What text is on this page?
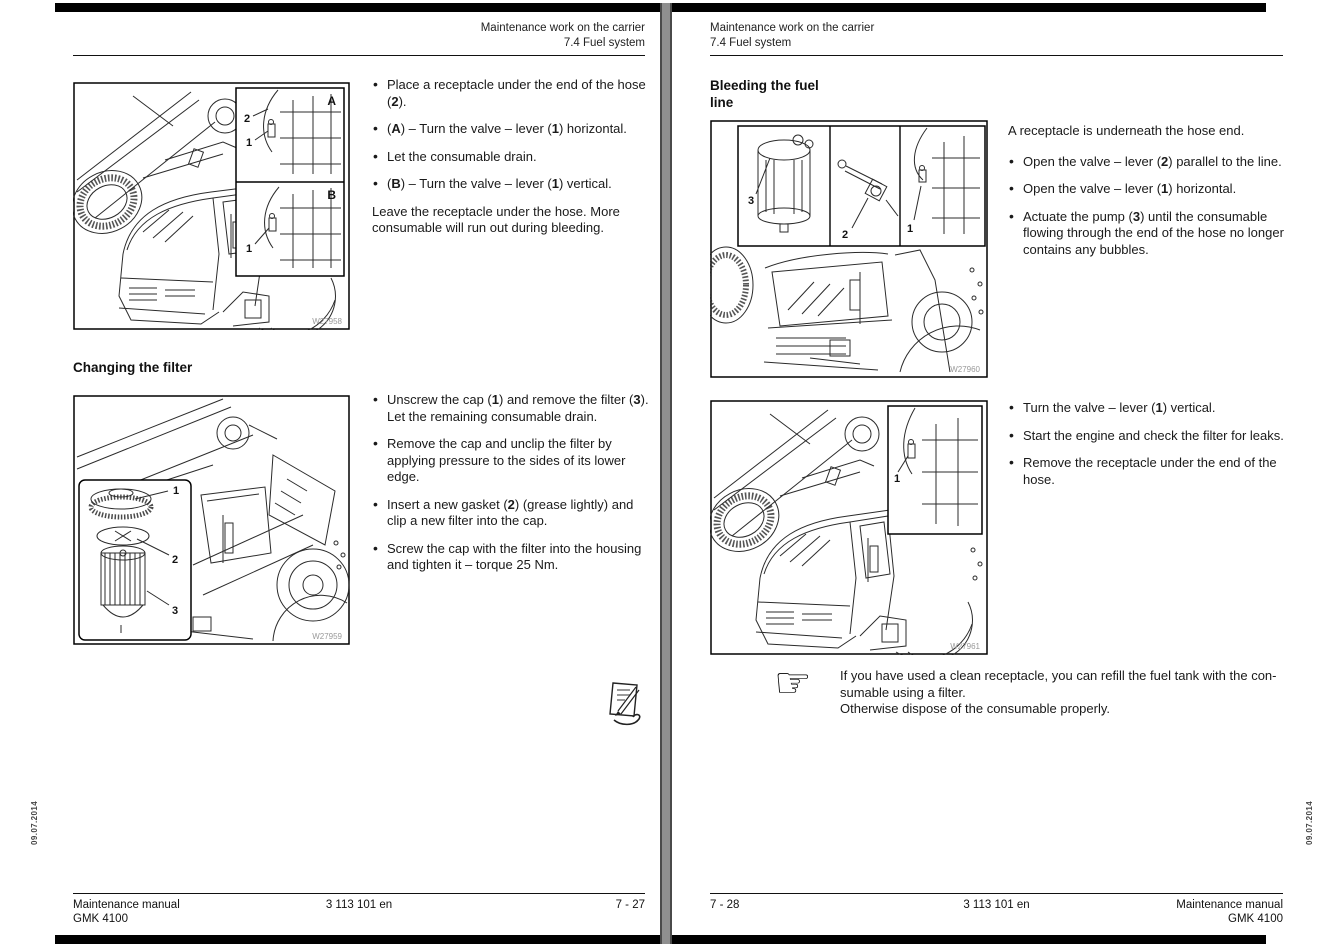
Maintenance work on the carrier
7.4 Fuel system
A
B
2
1
1
W27958
• Place a receptacle under the end of the hose (2).
• (A) – Turn the valve – lever (1) horizontal.
• Let the consumable drain.
• (B) – Turn the valve – lever (1) vertical.
Leave the receptacle under the hose. More consumable will run out during bleeding.
Changing the filter
1
2
3
W27959
• Unscrew the cap (1) and remove the filter (3).
Let the remaining consumable drain.
• Remove the cap and unclip the filter by applying pressure to the sides of its lower edge.
• Insert a new gasket (2) (grease lightly) and clip a new filter into the cap.
• Screw the cap with the filter into the housing and tighten it – torque 25 Nm.
Maintenance manual
GMK 4100
3 113 101 en	7 - 27
09.07.2014
Maintenance work on the carrier
7.4 Fuel system
Bleeding the fuel
line
3
2	1
W27960
A receptacle is underneath the hose end.
• Open the valve – lever (2) parallel to the line.
• Open the valve – lever (1) horizontal.
• Actuate the pump (3) until the consumable flowing through the end of the hose no longer contains any bubbles.
1
W27961
• Turn the valve – lever (1) vertical.
• Start the engine and check the filter for leaks.
• Remove the receptacle under the end of the hose.
☞ If you have used a clean receptacle, you can refill the fuel tank with the con-
sumable using a filter.
Otherwise dispose of the consumable properly.
7 - 28	3 113 101 en	Maintenance manual
GMK 4100
09.07.2014
